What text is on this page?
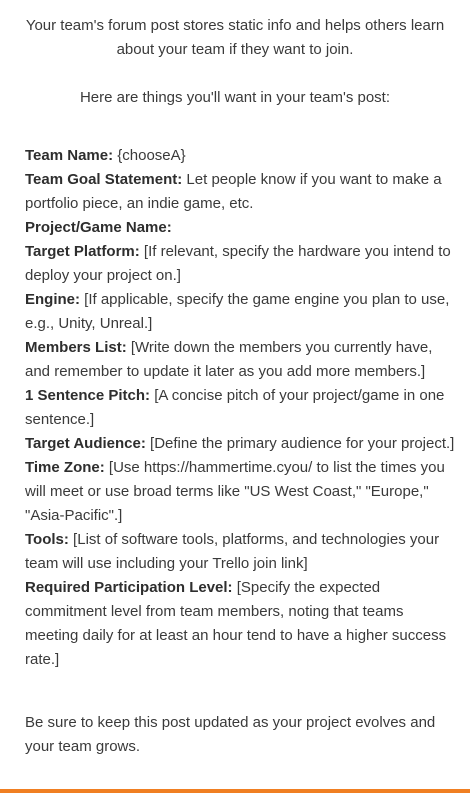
Your team's forum post stores static info and helps others learn about your team if they want to join.

Here are things you'll want in your team's post:

Team Name: {chooseA}

Team Goal Statement: Let people know if you want to make a portfolio piece, an indie game, etc.

Project/Game Name:

Target Platform: [If relevant, specify the hardware you intend to deploy your project on.]

Engine: [If applicable, specify the game engine you plan to use, e.g., Unity, Unreal.]

Members List: [Write down the members you currently have, and remember to update it later as you add more members.]

1 Sentence Pitch: [A concise pitch of your project/game in one sentence.]

Target Audience: [Define the primary audience for your project.]

Time Zone: [Use https://hammertime.cyou/ to list the times you will meet or use broad terms like "US West Coast," "Europe," "Asia-Pacific".]

Tools: [List of software tools, platforms, and technologies your team will use including your Trello join link]

Required Participation Level: [Specify the expected commitment level from team members, noting that teams meeting daily for at least an hour tend to have a higher success rate.]

Be sure to keep this post updated as your project evolves and your team grows.
